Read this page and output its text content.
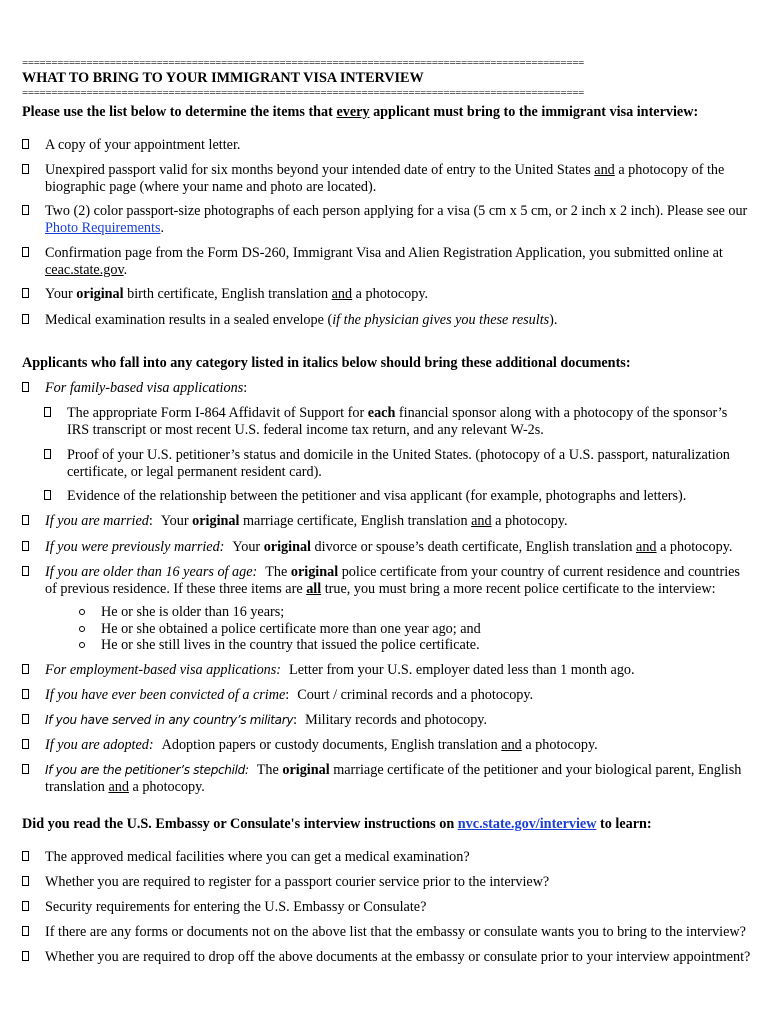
================================================================================================
WHAT TO BRING TO YOUR IMMIGRANT VISA INTERVIEW
================================================================================================
Please use the list below to determine the items that every applicant must bring to the immigrant visa interview:
A copy of your appointment letter.
Unexpired passport valid for six months beyond your intended date of entry to the United States and a photocopy of the biographic page (where your name and photo are located).
Two (2) color passport-size photographs of each person applying for a visa (5 cm x 5 cm, or 2 inch x 2 inch). Please see our Photo Requirements.
Confirmation page from the Form DS-260, Immigrant Visa and Alien Registration Application, you submitted online at ceac.state.gov.
Your original birth certificate, English translation and a photocopy.
Medical examination results in a sealed envelope (if the physician gives you these results).
Applicants who fall into any category listed in italics below should bring these additional documents:
For family-based visa applications:
The appropriate Form I-864 Affidavit of Support for each financial sponsor along with a photocopy of the sponsor’s IRS transcript or most recent U.S. federal income tax return, and any relevant W-2s.
Proof of your U.S. petitioner’s status and domicile in the United States. (photocopy of a U.S. passport, naturalization certificate, or legal permanent resident card).
Evidence of the relationship between the petitioner and visa applicant (for example, photographs and letters).
If you are married: Your original marriage certificate, English translation and a photocopy.
If you were previously married: Your original divorce or spouse’s death certificate, English translation and a photocopy.
If you are older than 16 years of age: The original police certificate from your country of current residence and countries of previous residence. If these three items are all true, you must bring a more recent police certificate to the interview:
He or she is older than 16 years;
He or she obtained a police certificate more than one year ago; and
He or she still lives in the country that issued the police certificate.
For employment-based visa applications: Letter from your U.S. employer dated less than 1 month ago.
If you have ever been convicted of a crime: Court / criminal records and a photocopy.
If you have served in any country’s military: Military records and photocopy.
If you are adopted: Adoption papers or custody documents, English translation and a photocopy.
If you are the petitioner’s stepchild: The original marriage certificate of the petitioner and your biological parent, English translation and a photocopy.
Did you read the U.S. Embassy or Consulate's interview instructions on nvc.state.gov/interview to learn:
The approved medical facilities where you can get a medical examination?
Whether you are required to register for a passport courier service prior to the interview?
Security requirements for entering the U.S. Embassy or Consulate?
If there are any forms or documents not on the above list that the embassy or consulate wants you to bring to the interview?
Whether you are required to drop off the above documents at the embassy or consulate prior to your interview appointment?
